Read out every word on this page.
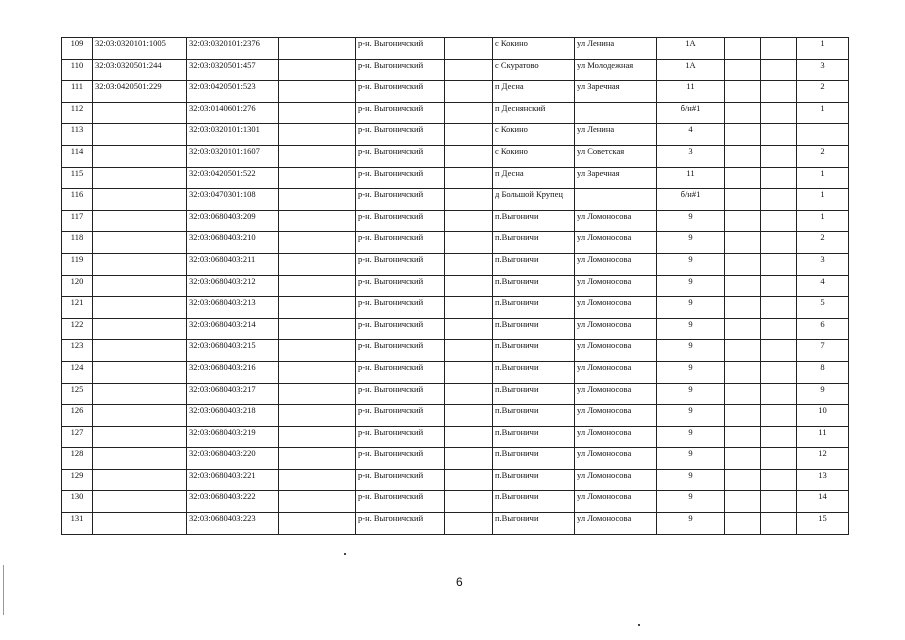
109	32:03:0320101:1005	32:03:0320101:2376		р-н. Выгоничский		с Кокино	ул Ленина	1А			1
110	32:03:0320501:244	32:03:0320501:457		р-н. Выгоничский		с Скуратово	ул Молодежная	1А			3
111	32:03:0420501:229	32:03:0420501:523		р-н. Выгоничский		п Десна	ул Заречная	11			2
112		32:03:0140601:276		р-н. Выгоничский		п Деснянский		б/н#1			1
113		32:03:0320101:1301		р-н. Выгоничский		с Кокино	ул Ленина	4			
114		32:03:0320101:1607		р-н. Выгоничский		с Кокино	ул Советская	3			2
115		32:03:0420501:522		р-н. Выгоничский		п Десна	ул Заречная	11			1
116		32:03:0470301:108		р-н. Выгоничский		д Большой Крупец		б/н#1			1
117		32:03:0680403:209		р-н. Выгоничский		п.Выгоничи	ул Ломоносова	9			1
118		32:03:0680403:210		р-н. Выгоничский		п.Выгоничи	ул Ломоносова	9			2
119		32:03:0680403:211		р-н. Выгоничский		п.Выгоничи	ул Ломоносова	9			3
120		32:03:0680403:212		р-н. Выгоничский		п.Выгоничи	ул Ломоносова	9			4
121		32:03:0680403:213		р-н. Выгоничский		п.Выгоничи	ул Ломоносова	9			5
122		32:03:0680403:214		р-н. Выгоничский		п.Выгоничи	ул Ломоносова	9			6
123		32:03:0680403:215		р-н. Выгоничский		п.Выгоничи	ул Ломоносова	9			7
124		32:03:0680403:216		р-н. Выгоничский		п.Выгоничи	ул Ломоносова	9			8
125		32:03:0680403:217		р-н. Выгоничский		п.Выгоничи	ул Ломоносова	9			9
126		32:03:0680403:218		р-н. Выгоничский		п.Выгоничи	ул Ломоносова	9			10
127		32:03:0680403:219		р-н. Выгоничский		п.Выгоничи	ул Ломоносова	9			11
128		32:03:0680403:220		р-н. Выгоничский		п.Выгоничи	ул Ломоносова	9			12
129		32:03:0680403:221		р-н. Выгоничский		п.Выгоничи	ул Ломоносова	9			13
130		32:03:0680403:222		р-н. Выгоничский		п.Выгоничи	ул Ломоносова	9			14
131		32:03:0680403:223		р-н. Выгоничский		п.Выгоничи	ул Ломоносова	9			15
6
